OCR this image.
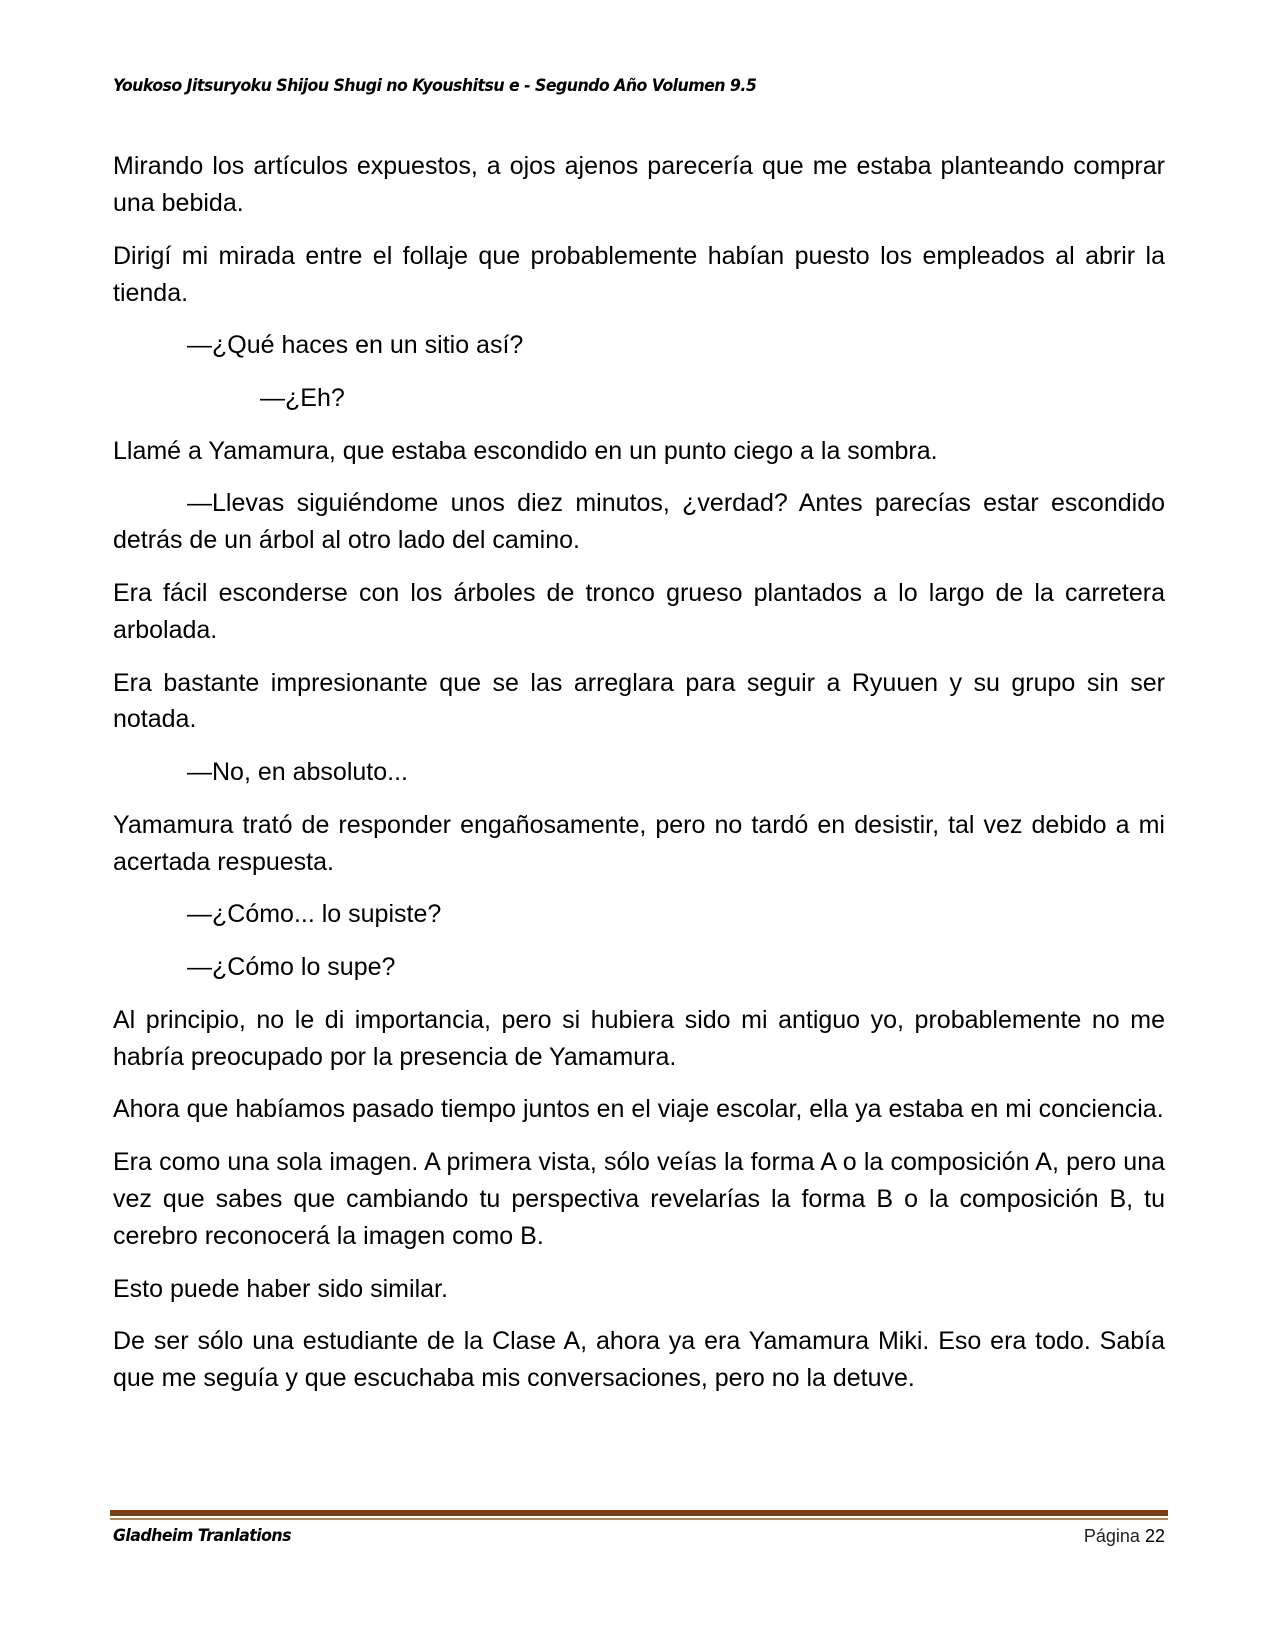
Youkoso Jitsuryoku Shijou Shugi no Kyoushitsu e - Segundo Año Volumen 9.5

Mirando los artículos expuestos, a ojos ajenos parecería que me estaba planteando comprar una bebida.

Dirigí mi mirada entre el follaje que probablemente habían puesto los empleados al abrir la tienda.

—¿Qué haces en un sitio así?

—¿Eh?

Llamé a Yamamura, que estaba escondido en un punto ciego a la sombra.

—Llevas siguiéndome unos diez minutos, ¿verdad? Antes parecías estar escondido detrás de un árbol al otro lado del camino.

Era fácil esconderse con los árboles de tronco grueso plantados a lo largo de la carretera arbolada.

Era bastante impresionante que se las arreglara para seguir a Ryuuen y su grupo sin ser notada.

—No, en absoluto...

Yamamura trató de responder engañosamente, pero no tardó en desistir, tal vez debido a mi acertada respuesta.

—¿Cómo... lo supiste?

—¿Cómo lo supe?

Al principio, no le di importancia, pero si hubiera sido mi antiguo yo, probablemente no me habría preocupado por la presencia de Yamamura.

Ahora que habíamos pasado tiempo juntos en el viaje escolar, ella ya estaba en mi conciencia.

Era como una sola imagen. A primera vista, sólo veías la forma A o la composición A, pero una vez que sabes que cambiando tu perspectiva revelarías la forma B o la composición B, tu cerebro reconocerá la imagen como B.

Esto puede haber sido similar.

De ser sólo una estudiante de la Clase A, ahora ya era Yamamura Miki. Eso era todo. Sabía que me seguía y que escuchaba mis conversaciones, pero no la detuve.

Gladheim Tranlations	Página 22
